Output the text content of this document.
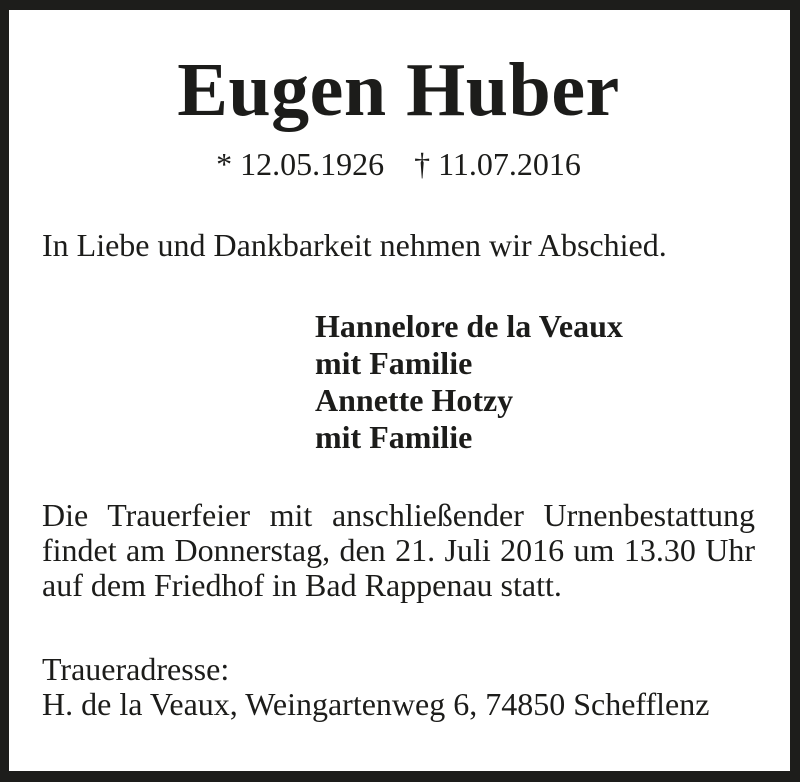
Eugen Huber
* 12.05.1926 † 11.07.2016

In Liebe und Dankbarkeit nehmen wir Abschied.

Hannelore de la Veaux
mit Familie
Annette Hotzy
mit Familie
Die Trauerfeier mit anschließender Urnenbestattung
findet am Donnerstag, den 21. Juli 2016 um 13.30 Uhr
auf dem Friedhof in Bad Rappenau statt.
Traueradresse:
H. de la Veaux, Weingartenweg 6, 74850 Schefflenz
